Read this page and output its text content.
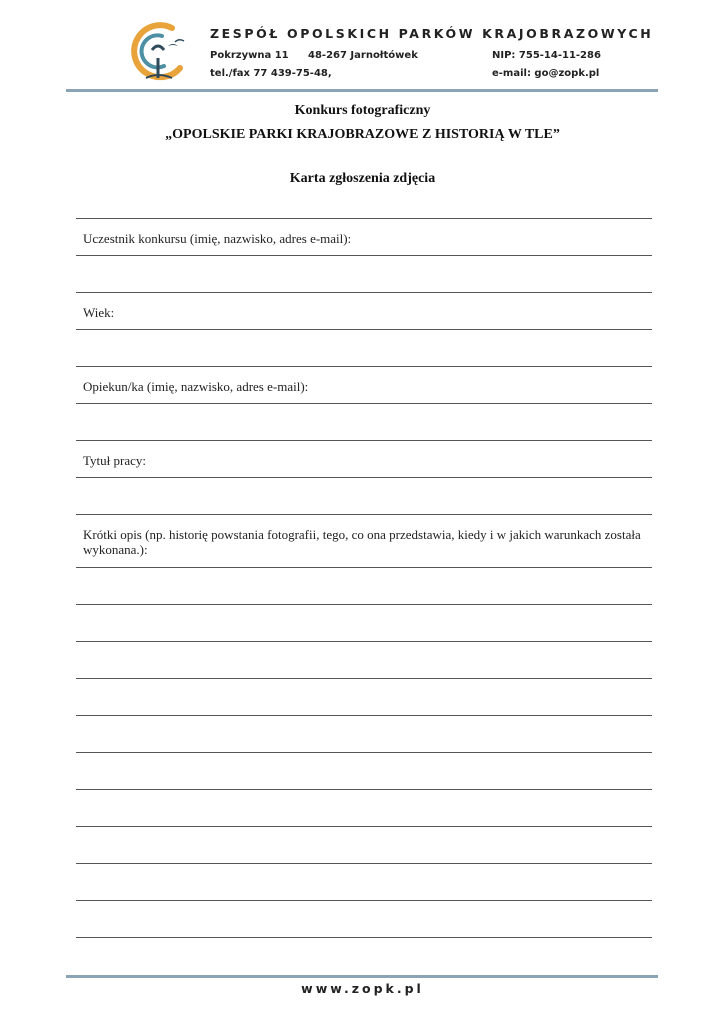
ZESPÓŁ OPOLSKICH PARKÓW KRAJOBRAZOWYCH
Pokrzywna 11 48-267 Jarnołtówek	NIP: 755-14-11-286
tel./fax 77 439-75-48,	e-mail: go@zopk.pl
Konkurs fotograficzny
„OPOLSKIE PARKI KRAJOBRAZOWE Z HISTORIĄ W TLE”
Karta zgłoszenia zdjęcia
Uczestnik konkursu (imię, nazwisko, adres e-mail):
Wiek:
Opiekun/ka (imię, nazwisko, adres e-mail):
Tytuł pracy:
Krótki opis (np. historię powstania fotografii, tego, co ona przedstawia, kiedy i w jakich warunkach została wykonana.):
www.zopk.pl
